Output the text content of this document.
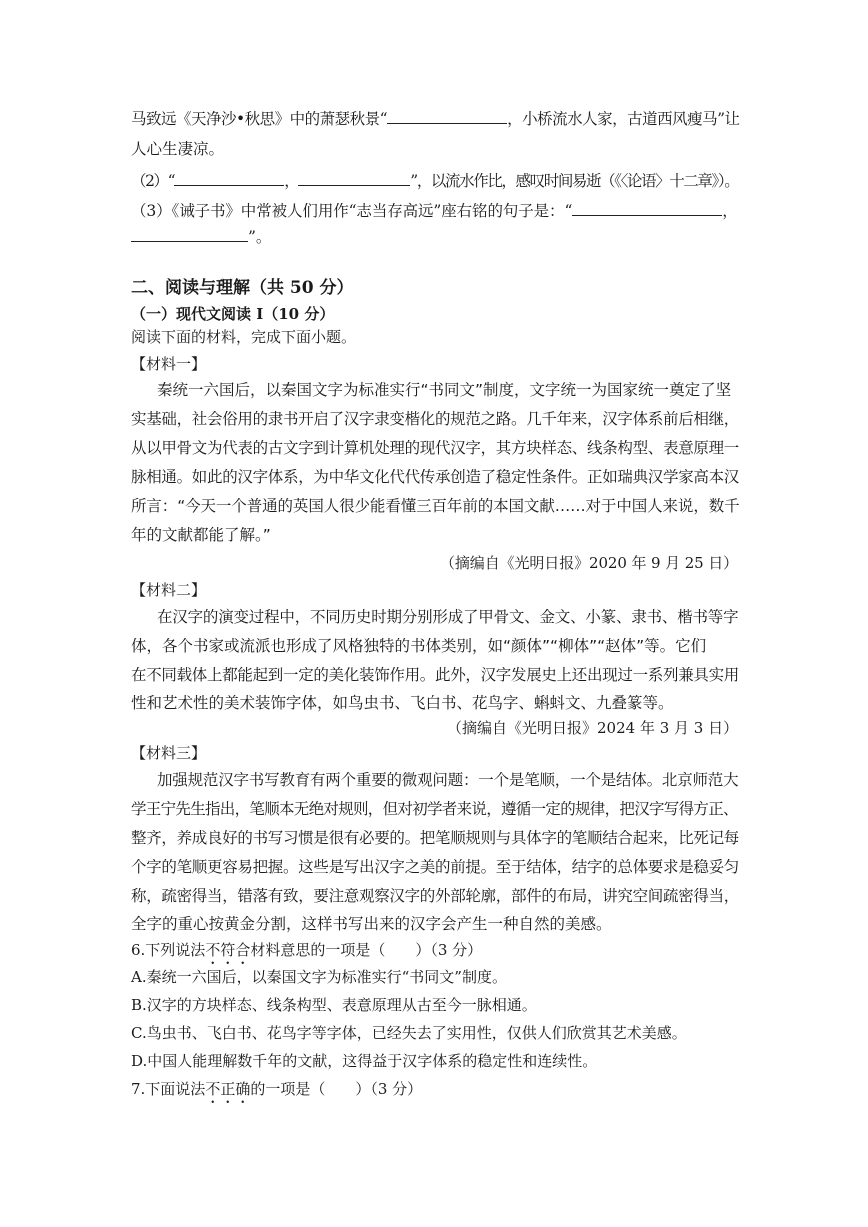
马致远《天净沙•秋思》中的萧瑟秋景“	，小桥流水人家，古道西风瘦马”让
人心生凄凉。
（2）“	，	”，以流水作比，感叹时间易逝（《〈论语〉十二章》）。
（3）《诫子书》中常被人们用作“志当存高远”座右铭的句子是：“	，
”。
二、阅读与理解（共 50 分）
（一）现代文阅读 I（10 分）
阅读下面的材料，完成下面小题。
【材料一】
秦统一六国后，以秦国文字为标准实行“书同文”制度，文字统一为国家统一奠定了坚
实基础，社会俗用的隶书开启了汉字隶变楷化的规范之路。几千年来，汉字体系前后相继，
从以甲骨文为代表的古文字到计算机处理的现代汉字，其方块样态、线条构型、表意原理一
脉相通。如此的汉字体系，为中华文化代代传承创造了稳定性条件。正如瑞典汉学家高本汉
所言：“今天一个普通的英国人很少能看懂三百年前的本国文献……对于中国人来说，数千
年的文献都能了解。”
（摘编自《光明日报》2020 年 9 月 25 日）
【材料二】
在汉字的演变过程中，不同历史时期分别形成了甲骨文、金文、小篆、隶书、楷书等字
体，各个书家或流派也形成了风格独特的书体类别，如“颜体”“柳体”“赵体”等。它们
在不同载体上都能起到一定的美化装饰作用。此外，汉字发展史上还出现过一系列兼具实用
性和艺术性的美术装饰字体，如鸟虫书、飞白书、花鸟字、蝌蚪文、九叠篆等。
（摘编自《光明日报》2024 年 3 月 3 日）
【材料三】
加强规范汉字书写教育有两个重要的微观问题：一个是笔顺，一个是结体。北京师范大
学王宁先生指出，笔顺本无绝对规则，但对初学者来说，遵循一定的规律，把汉字写得方正、
整齐，养成良好的书写习惯是很有必要的。把笔顺规则与具体字的笔顺结合起来，比死记每
个字的笔顺更容易把握。这些是写出汉字之美的前提。至于结体，结字的总体要求是稳妥匀
称，疏密得当，错落有致，要注意观察汉字的外部轮廓，部件的布局，讲究空间疏密得当，
全字的重心按黄金分割，这样书写出来的汉字会产生一种自然的美感。
6.下列说法不符合材料意思的一项是（　　）（3 分）
A.秦统一六国后，以秦国文字为标准实行“书同文”制度。
B.汉字的方块样态、线条构型、表意原理从古至今一脉相通。
C.鸟虫书、飞白书、花鸟字等字体，已经失去了实用性，仅供人们欣赏其艺术美感。
D.中国人能理解数千年的文献，这得益于汉字体系的稳定性和连续性。
7.下面说法不正确的一项是（　　）（3 分）
